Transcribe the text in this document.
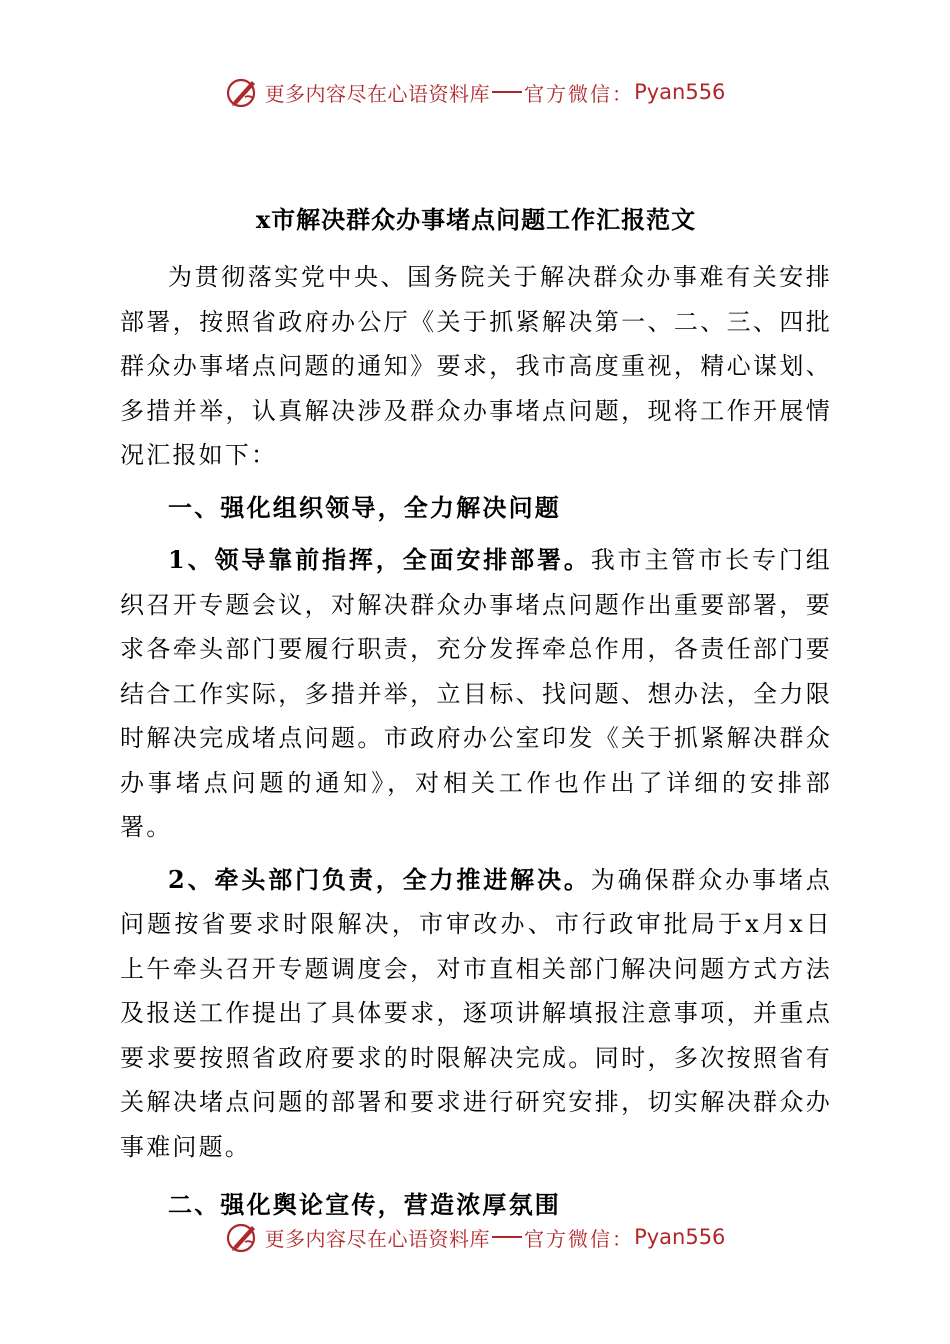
更多内容尽在心语资料库 官方微信： Pyan556
x市解决群众办事堵点问题工作汇报范文

为贯彻落实党中央、国务院关于解决群众办事难有关安排部署，按照省政府办公厅《关于抓紧解决第一、二、三、四批群众办事堵点问题的通知》要求，我市高度重视，精心谋划、多措并举，认真解决涉及群众办事堵点问题，现将工作开展情况汇报如下：

一、强化组织领导，全力解决问题

1、领导靠前指挥，全面安排部署。我市主管市长专门组织召开专题会议，对解决群众办事堵点问题作出重要部署，要求各牵头部门要履行职责，充分发挥牵总作用，各责任部门要结合工作实际，多措并举，立目标、找问题、想办法，全力限时解决完成堵点问题。市政府办公室印发《关于抓紧解决群众办事堵点问题的通知》，对相关工作也作出了详细的安排部署。

2、牵头部门负责，全力推进解决。为确保群众办事堵点问题按省要求时限解决，市审改办、市行政审批局于x月x日上午牵头召开专题调度会，对市直相关部门解决问题方式方法及报送工作提出了具体要求，逐项讲解填报注意事项，并重点要求要按照省政府要求的时限解决完成。同时，多次按照省有关解决堵点问题的部署和要求进行研究安排，切实解决群众办事难问题。

二、强化舆论宣传，营造浓厚氛围

更多内容尽在心语资料库 官方微信： Pyan556
